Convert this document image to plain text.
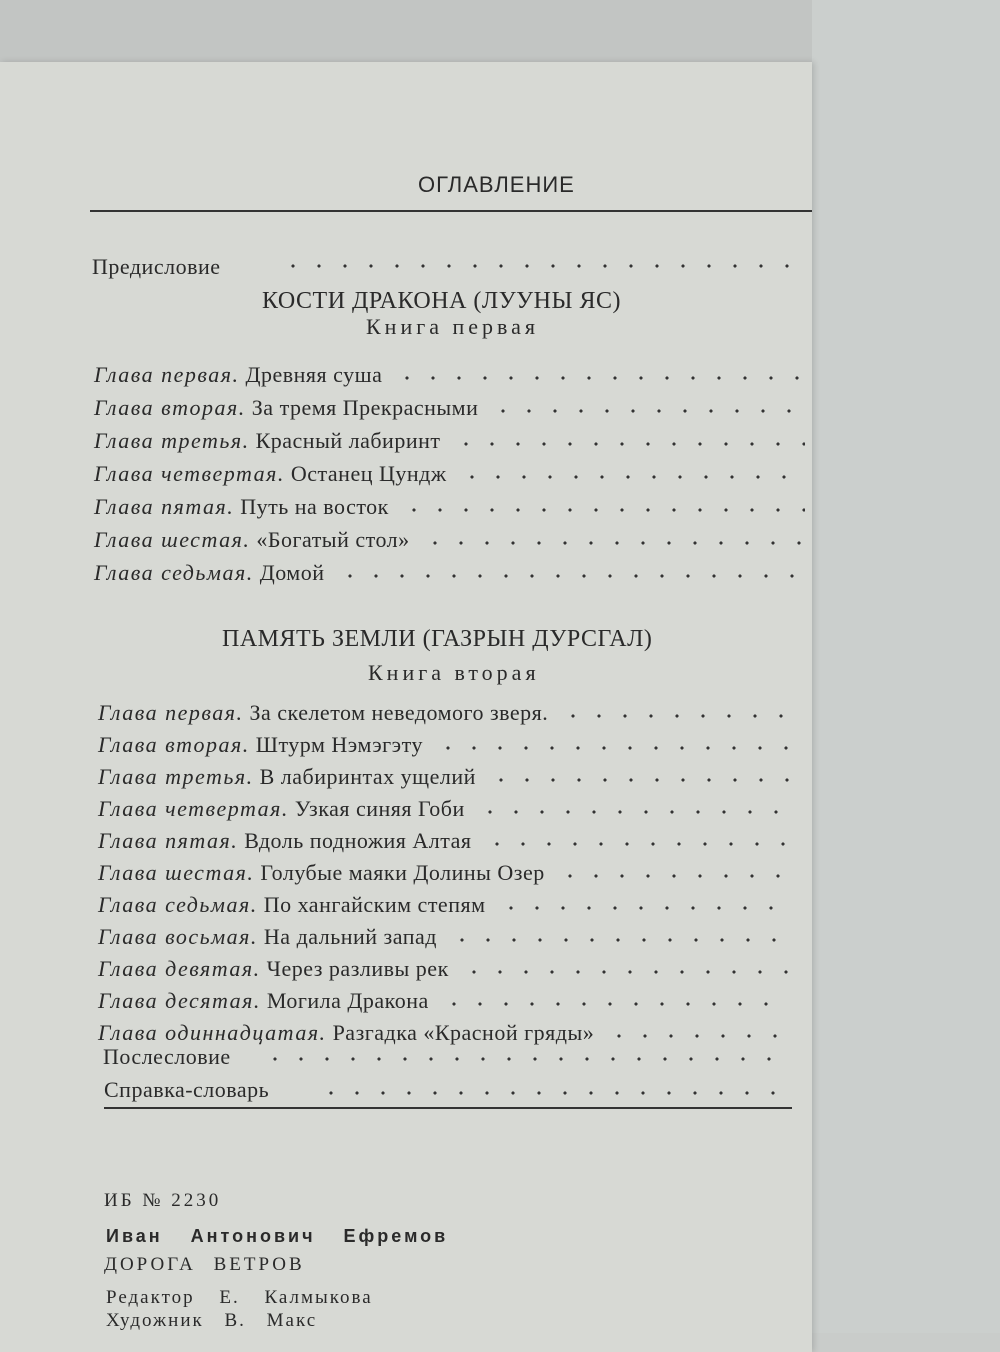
ОГЛАВЛЕНИЕ
Предисловие
КОСТИ ДРАКОНА (ЛУУНЫ ЯС)
Книга первая
Глава первая. Древняя суша
Глава вторая. За тремя Прекрасными
Глава третья. Красный лабиринт
Глава четвертая. Останец Цундж
Глава пятая. Путь на восток
Глава шестая. «Богатый стол»
Глава седьмая. Домой
ПАМЯТЬ ЗЕМЛИ (ГАЗРЫН ДУРСГАЛ)
Книга вторая
Глава первая. За скелетом неведомого зверя.
Глава вторая. Штурм Нэмэгэту
Глава третья. В лабиринтах ущелий
Глава четвертая. Узкая синяя Гоби
Глава пятая. Вдоль подножия Алтая
Глава шестая. Голубые маяки Долины Озер
Глава седьмая. По хангайским степям
Глава восьмая. На дальний запад
Глава девятая. Через разливы рек
Глава десятая. Могила Дракона
Глава одиннадцатая. Разгадка «Красной гряды»
Послесловие
Справка-словарь
ИБ № 2230
Иван Антонович Ефремов
ДОРОГА ВЕТРОВ
Редактор Е. Калмыкова
Художник В. Макс
